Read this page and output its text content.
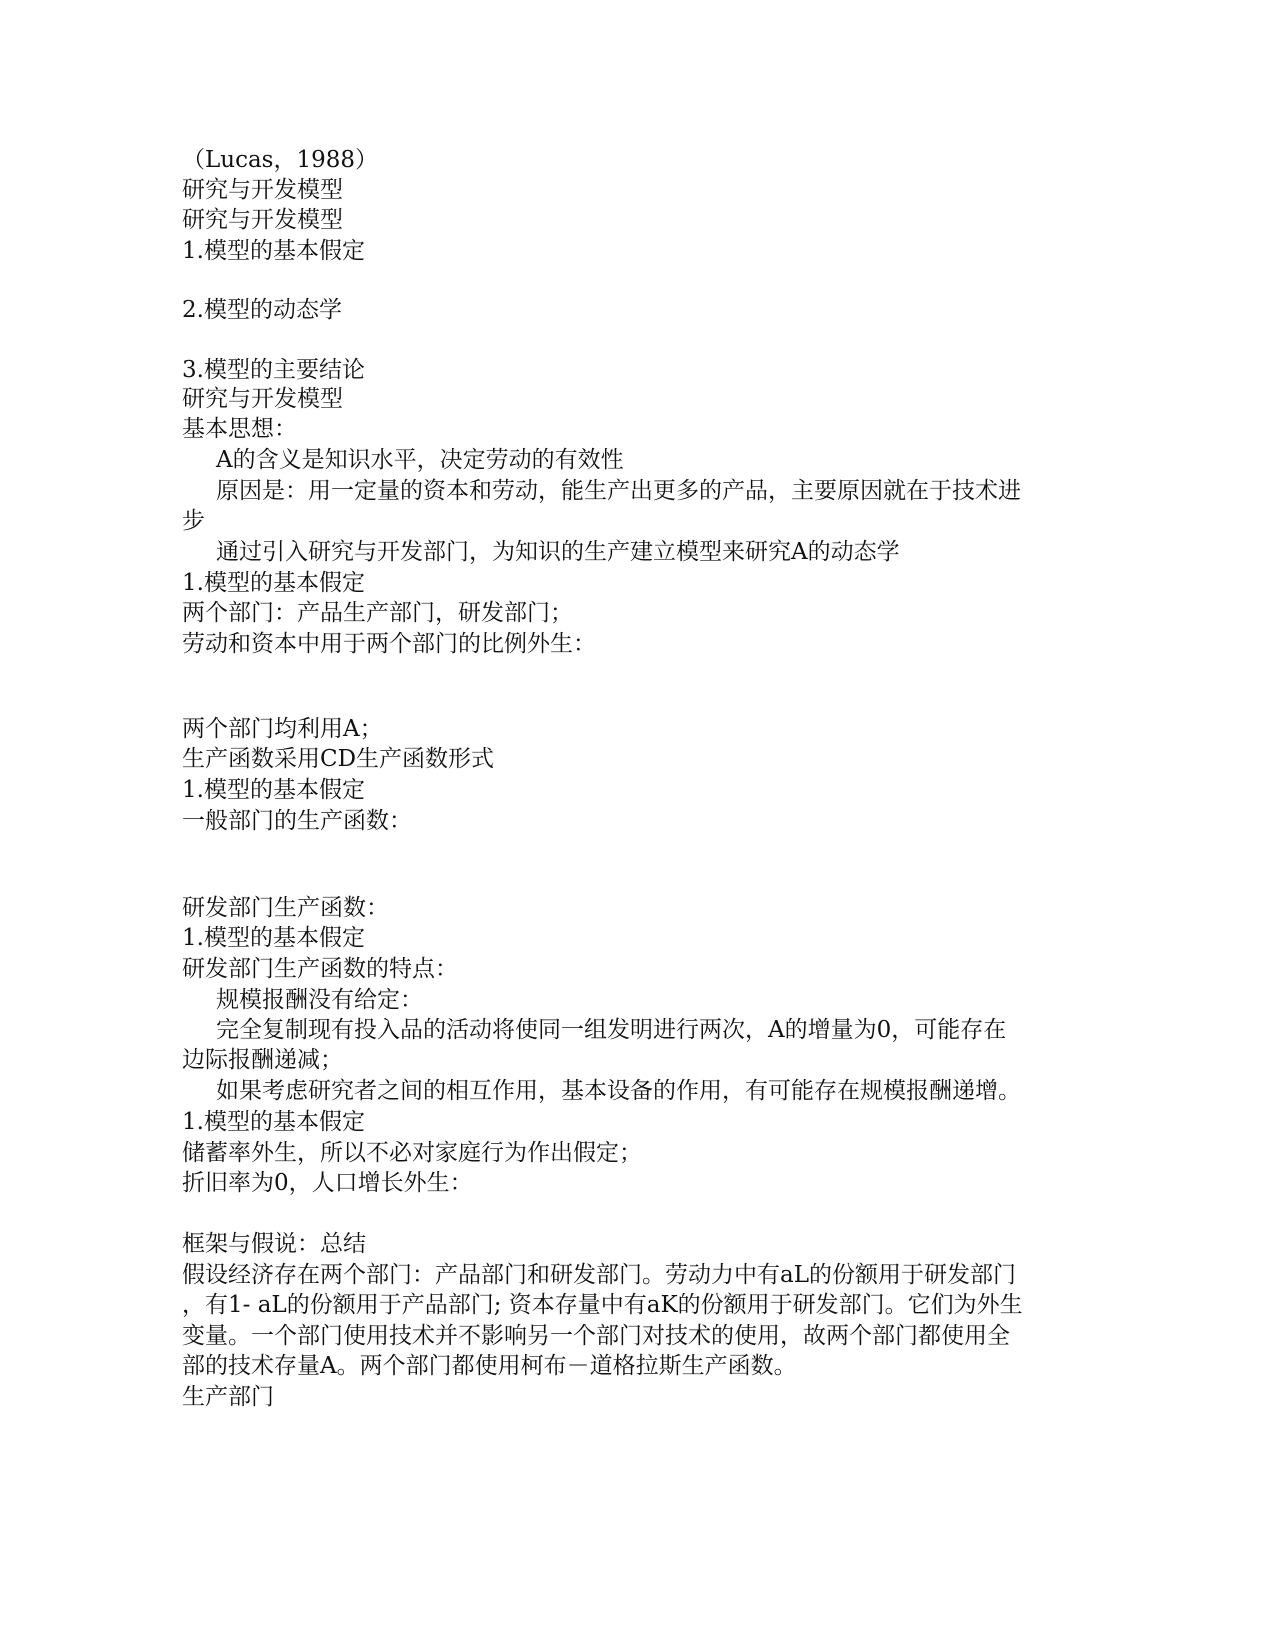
（Lucas，1988）
研究与开发模型
研究与开发模型
1.模型的基本假定
2.模型的动态学
3.模型的主要结论
研究与开发模型
基本思想：
A的含义是知识水平，决定劳动的有效性
原因是：用一定量的资本和劳动，能生产出更多的产品，主要原因就在于技术进
步
通过引入研究与开发部门，为知识的生产建立模型来研究A的动态学
1.模型的基本假定
两个部门：产品生产部门，研发部门；
劳动和资本中用于两个部门的比例外生：
两个部门均利用A；
生产函数采用CD生产函数形式
1.模型的基本假定
一般部门的生产函数：
研发部门生产函数：
1.模型的基本假定
研发部门生产函数的特点：
规模报酬没有给定：
完全复制现有投入品的活动将使同一组发明进行两次，A的增量为0，可能存在
边际报酬递减；
如果考虑研究者之间的相互作用，基本设备的作用，有可能存在规模报酬递增。
1.模型的基本假定
储蓄率外生，所以不必对家庭行为作出假定；
折旧率为0，人口增长外生：
框架与假说：总结
假设经济存在两个部门：产品部门和研发部门。劳动力中有aL的份额用于研发部门
，有1- aL的份额用于产品部门; 资本存量中有aK的份额用于研发部门。它们为外生
变量。一个部门使用技术并不影响另一个部门对技术的使用，故两个部门都使用全
部的技术存量A。两个部门都使用柯布－道格拉斯生产函数。
生产部门
